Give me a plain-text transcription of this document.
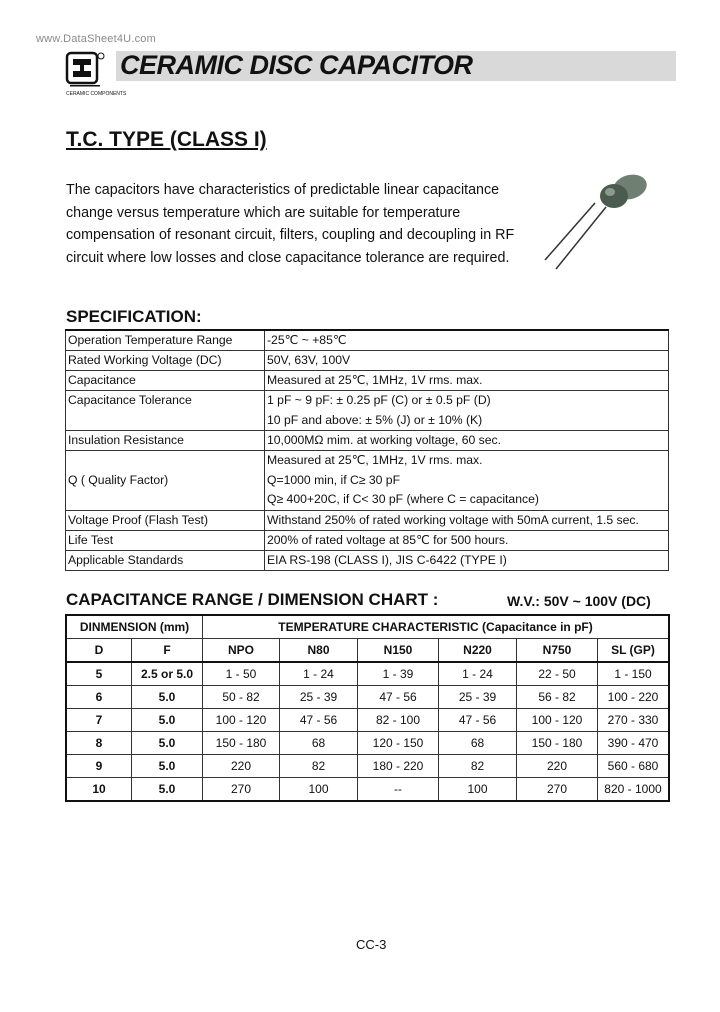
www.DataSheet4U.com
CERAMIC COMPONENTS
CERAMIC DISC CAPACITOR
T.C. TYPE (CLASS I)
The capacitors have characteristics of predictable linear capacitance
change versus temperature which are suitable for temperature
compensation of resonant circuit, filters, coupling and decoupling in RF
circuit where low losses and close capacitance tolerance are required.
SPECIFICATION:
Operation Temperature Range	-25℃ ~ +85℃
Rated Working Voltage (DC)	50V, 63V, 100V
Capacitance	Measured at 25℃, 1MHz, 1V rms. max.

Capacitance Tolerance	1 pF ~ 9 pF: ± 0.25 pF (C) or ± 0.5 pF (D)
10 pF and above: ± 5% (J) or ± 10% (K)

Insulation Resistance	10,000MΩ mim. at working voltage, 60 sec.
Q ( Quality Factor)	Measured at 25℃, 1MHz, 1V rms. max.
Q=1000 min, if C≥ 30 pF
Q≥ 400+20C, if C< 30 pF (where C = capacitance)

Voltage Proof (Flash Test)	Withstand 250% of rated working voltage with 50mA current, 1.5 sec.
Life Test	200% of rated voltage at 85℃ for 500 hours.
Applicable Standards	EIA RS-198 (CLASS I), JIS C-6422 (TYPE I)
CAPACITANCE RANGE / DIMENSION CHART :	W.V.: 50V ~ 100V (DC)
DINMENSION (mm)		TEMPERATURE CHARACTERISTIC (Capacitance in pF)					
D	F	NPO	N80	N150	N220	N750	SL (GP)
5	2.5 or 5.0	1 - 50	1 - 24	1 - 39	1 - 24	22 - 50	1 - 150
6	5.0	50 - 82	25 - 39	47 - 56	25 - 39	56 - 82	100 - 220
7	5.0	100 - 120	47 - 56	82 - 100	47 - 56	100 - 120	270 - 330
8	5.0	150 - 180	68	120 - 150	68	150 - 180	390 - 470
9	5.0	220	82	180 - 220	82	220	560 - 680
10	5.0	270	100	--	100	270	820 - 1000
CC-3
